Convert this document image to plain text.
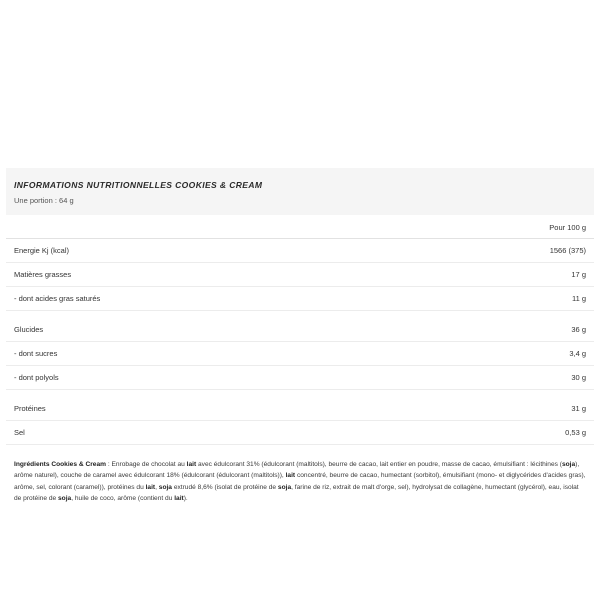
INFORMATIONS NUTRITIONNELLES COOKIES & CREAM
Une portion : 64 g
	Pour 100 g
Energie Kj (kcal)	1566 (375)
Matières grasses	17 g
- dont acides gras saturés	11 g

Glucides	36 g
- dont sucres	3,4 g
- dont polyols	30 g

Protéines	31 g
Sel	0,53 g

Ingrédients Cookies & Cream : Enrobage de chocolat au lait avec édulcorant 31% (édulcorant (maltitols), beurre de cacao, lait entier en poudre, masse de cacao, émulsifiant : lécithines (soja), arôme naturel), couche de caramel avec édulcorant 18% (édulcorant (édulcorant (maltitols)), lait concentré, beurre de cacao, humectant (sorbitol), émulsifiant (mono- et diglycérides d'acides gras), arôme, sel, colorant (caramel)), protéines du lait, soja extrudé 8,6% (isolat de protéine de soja, farine de riz, extrait de malt d'orge, sel), hydrolysat de collagène, humectant (glycérol), eau, isolat de protéine de soja, huile de coco, arôme (contient du lait).
